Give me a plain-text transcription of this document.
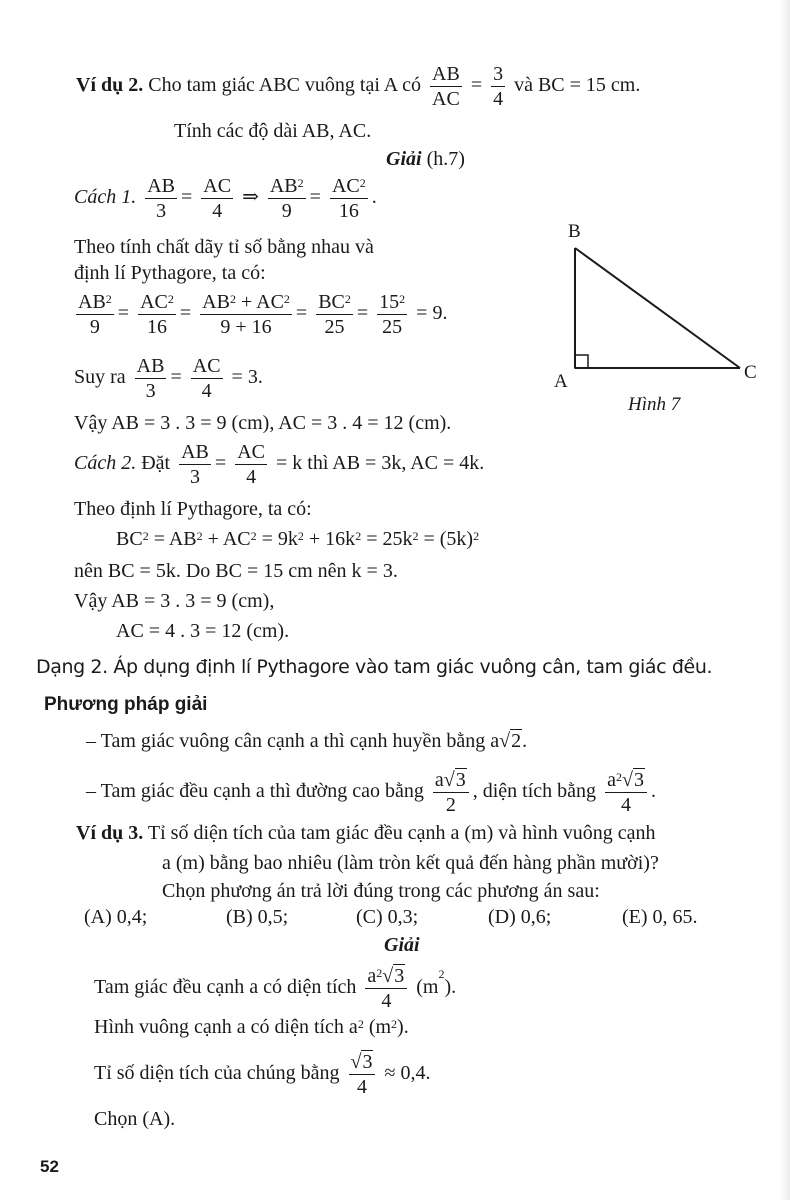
Ví dụ 2. Cho tam giác ABC vuông tại A có $\frac{AB}{AC} = \frac{3}{4}$ và BC = 15 cm.
Tính các độ dài AB, AC.
Giải (h.7)
Cách 1. $\frac{AB}{3} = \frac{AC}{4}$ ⇒ $\frac{AB^2}{9} = \frac{AC^2}{16}$ .
Theo tính chất dãy tỉ số bằng nhau và
định lí Pythagore, ta có:
$\frac{AB^2}{9} = \frac{AC^2}{16} = \frac{AB^2 + AC^2}{9 + 16} = \frac{BC^2}{25} = \frac{15^2}{25} = 9$.
Suy ra $\frac{AB}{3} = \frac{AC}{4} = 3$.
Vậy AB = 3 . 3 = 9 (cm), AC = 3 . 4 = 12 (cm).
Cách 2. Đặt $\frac{AB}{3} = \frac{AC}{4} = k$ thì AB = 3k, AC = 4k.
Theo định lí Pythagore, ta có:
$BC^2 = AB^2 + AC^2 = 9k^2 + 16k^2 = 25k^2 = (5k)^2$
nên BC = 5k. Do BC = 15 cm nên k = 3.
Vậy AB = 3 . 3 = 9 (cm),
AC = 4 . 3 = 12 (cm).
B
A	C
Hình 7
Dạng 2. Áp dụng định lí Pythagore vào tam giác vuông cân, tam giác đều.
Phương pháp giải
– Tam giác vuông cân cạnh a thì cạnh huyền bằng a√2.
– Tam giác đều cạnh a thì đường cao bằng $\frac{a√3}{2}$ , diện tích bằng $\frac{a^2√3}{4}$ .
Ví dụ 3. Tỉ số diện tích của tam giác đều cạnh a (m) và hình vuông cạnh
a (m) bằng bao nhiêu (làm tròn kết quả đến hàng phần mười)?
Chọn phương án trả lời đúng trong các phương án sau:
(A) 0,4;	(B) 0,5;	(C) 0,3;	(D) 0,6;	(E) 0, 65.
Giải
Tam giác đều cạnh a có diện tích $\frac{a^2√3}{4} (m^2)$.
Hình vuông cạnh a có diện tích $a^2$ $(m^2)$.
Tỉ số diện tích của chúng bằng $\frac{√3}{4} \approx 0,4$.
Chọn (A).
52
